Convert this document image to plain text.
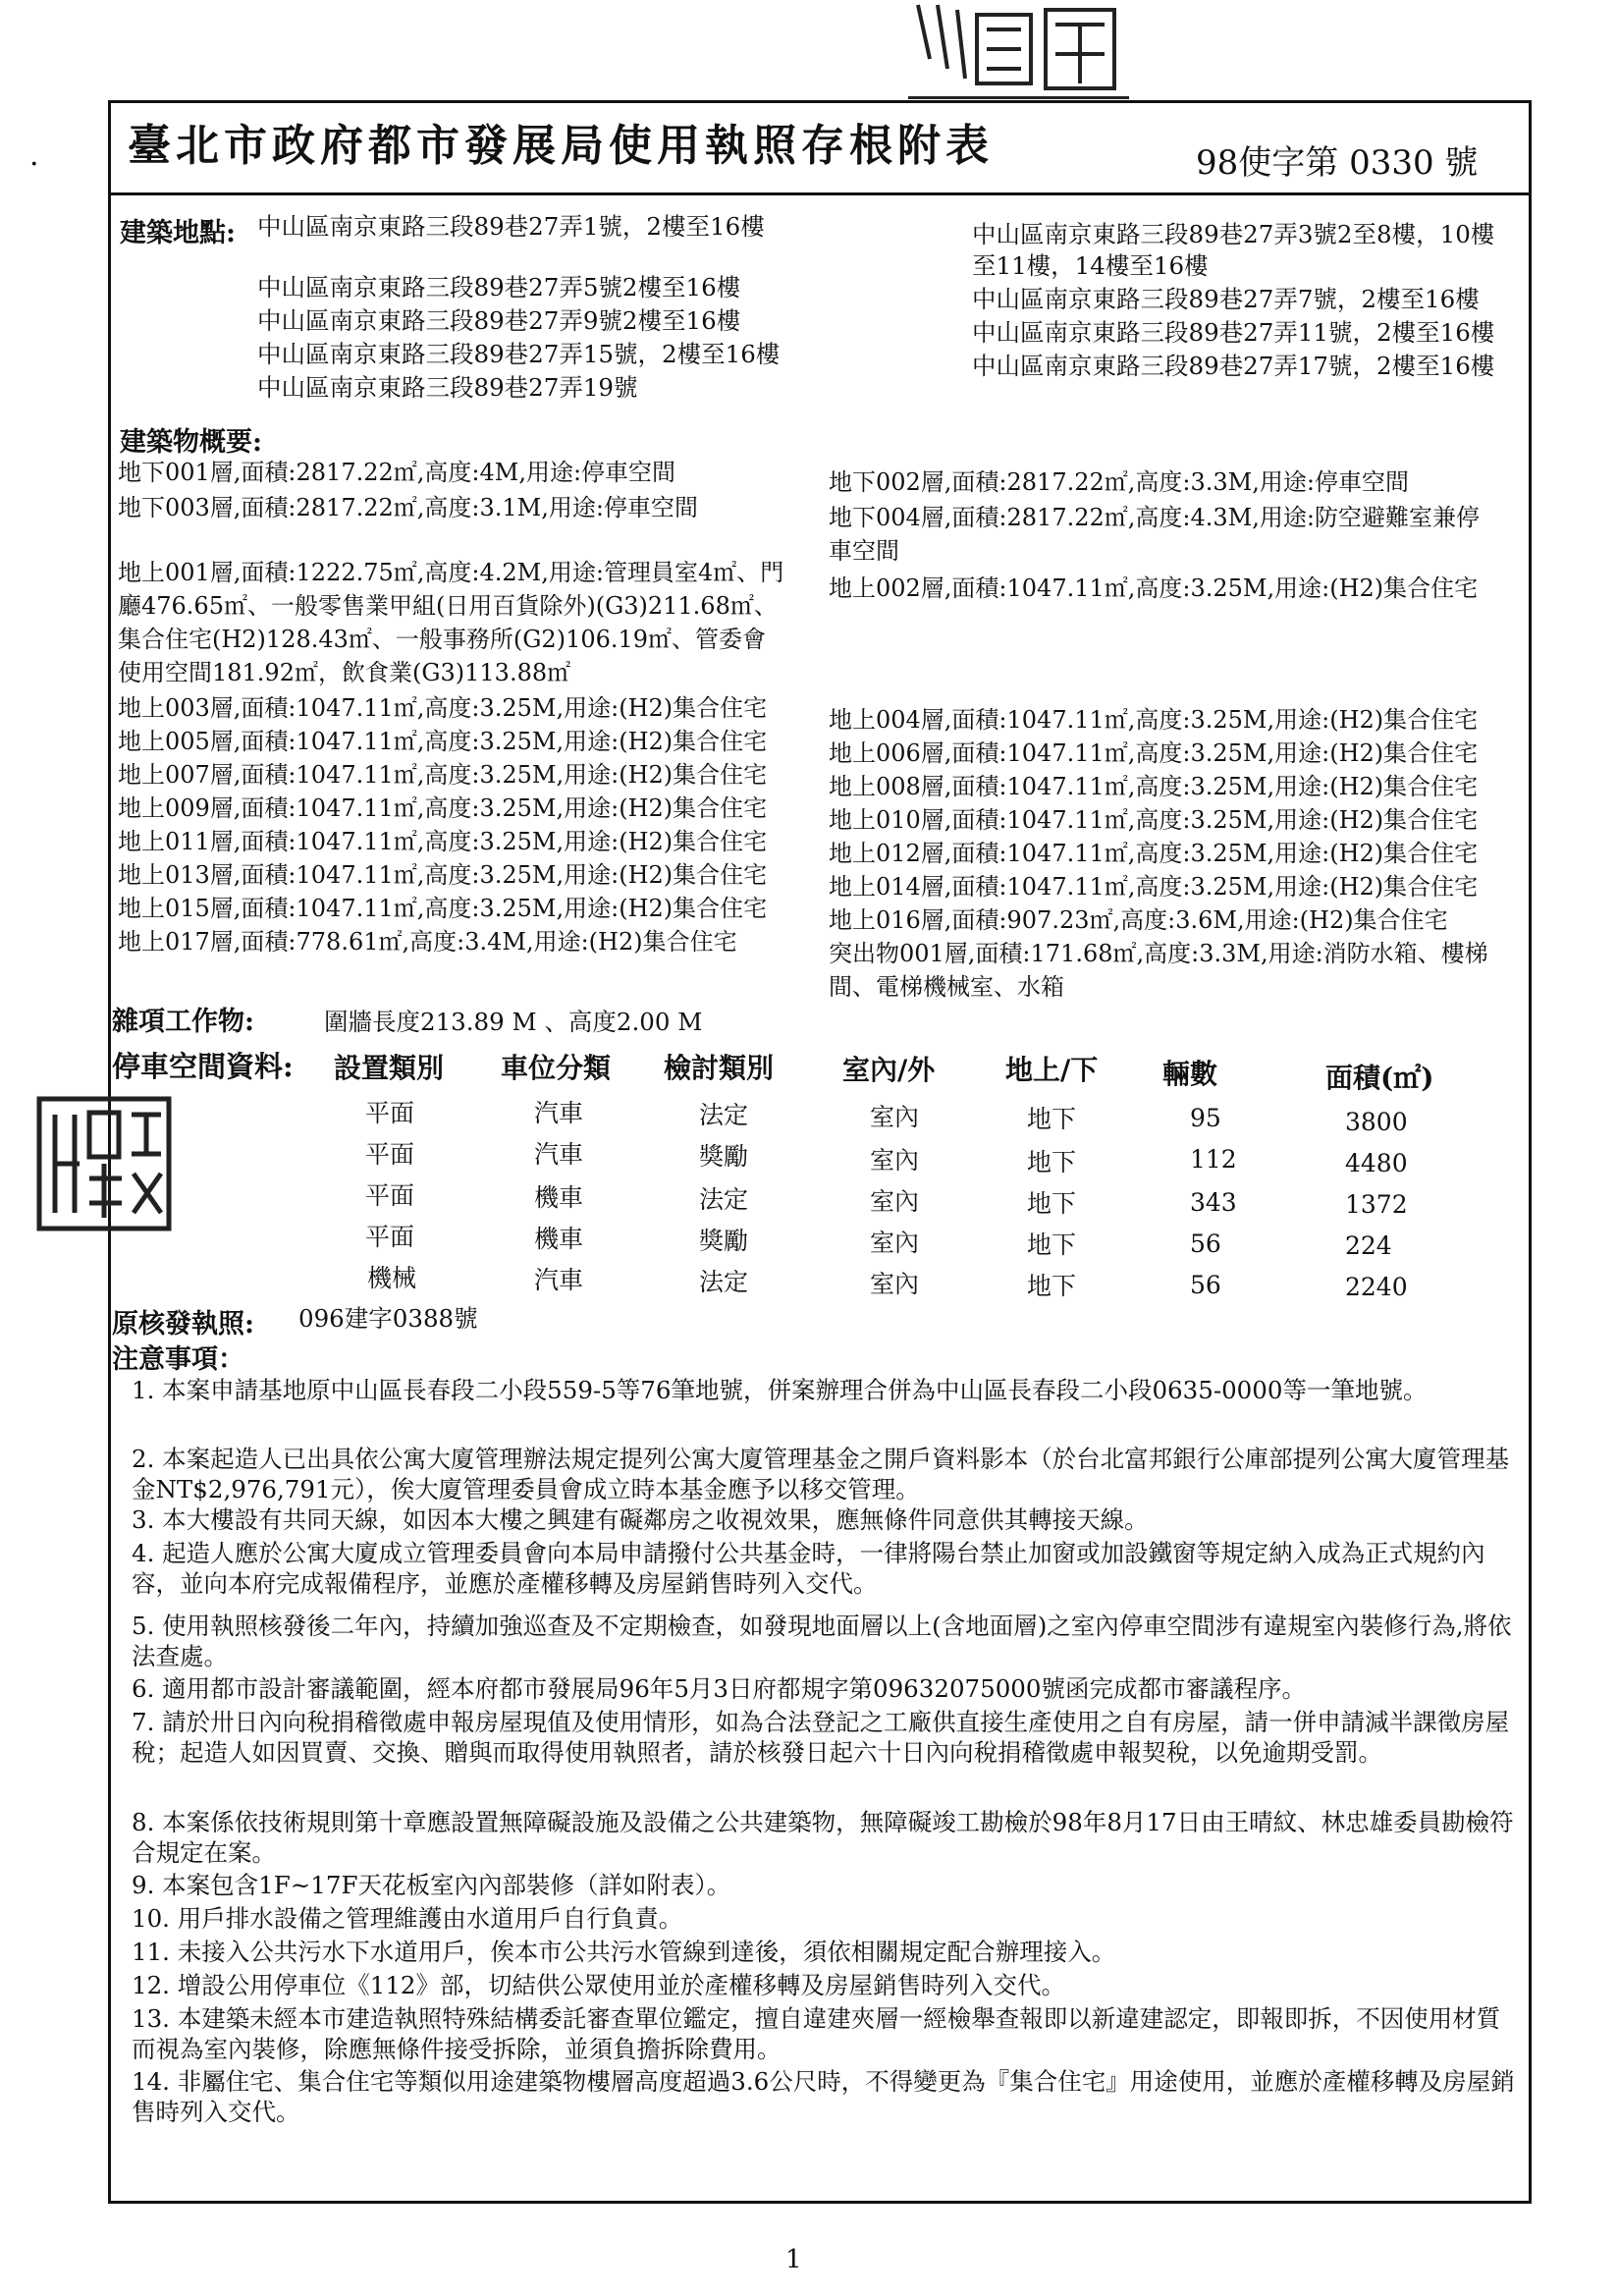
· 臺北市政府都市發展局使用執照存根附表	98使字第 0330 號
建築地點: 中山區南京東路三段89巷27弄1號，2樓至16樓
中山區南京東路三段89巷27弄5號2樓至16樓
中山區南京東路三段89巷27弄9號2樓至16樓
中山區南京東路三段89巷27弄15號，2樓至16樓
中山區南京東路三段89巷27弄19號
中山區南京東路三段89巷27弄3號2至8樓，10樓
至11樓，14樓至16樓
中山區南京東路三段89巷27弄7號，2樓至16樓
中山區南京東路三段89巷27弄11號，2樓至16樓
中山區南京東路三段89巷27弄17號，2樓至16樓
建築物概要:
地下001層,面積:2817.22㎡,高度:4M,用途:停車空間
地下003層,面積:2817.22㎡,高度:3.1M,用途:停車空間
地下002層,面積:2817.22㎡,高度:3.3M,用途:停車空間
地下004層,面積:2817.22㎡,高度:4.3M,用途:防空避難室兼停
車空間
地上001層,面積:1222.75㎡,高度:4.2M,用途:管理員室4㎡、門
廳476.65㎡、一般零售業甲組(日用百貨除外)(G3)211.68㎡、
集合住宅(H2)128.43㎡、一般事務所(G2)106.19㎡、管委會
使用空間181.92㎡，飲食業(G3)113.88㎡
地上002層,面積:1047.11㎡,高度:3.25M,用途:(H2)集合住宅
地上003層,面積:1047.11㎡,高度:3.25M,用途:(H2)集合住宅
地上005層,面積:1047.11㎡,高度:3.25M,用途:(H2)集合住宅
地上007層,面積:1047.11㎡,高度:3.25M,用途:(H2)集合住宅
地上009層,面積:1047.11㎡,高度:3.25M,用途:(H2)集合住宅
地上011層,面積:1047.11㎡,高度:3.25M,用途:(H2)集合住宅
地上013層,面積:1047.11㎡,高度:3.25M,用途:(H2)集合住宅
地上015層,面積:1047.11㎡,高度:3.25M,用途:(H2)集合住宅
地上017層,面積:778.61㎡,高度:3.4M,用途:(H2)集合住宅
地上004層,面積:1047.11㎡,高度:3.25M,用途:(H2)集合住宅
地上006層,面積:1047.11㎡,高度:3.25M,用途:(H2)集合住宅
地上008層,面積:1047.11㎡,高度:3.25M,用途:(H2)集合住宅
地上010層,面積:1047.11㎡,高度:3.25M,用途:(H2)集合住宅
地上012層,面積:1047.11㎡,高度:3.25M,用途:(H2)集合住宅
地上014層,面積:1047.11㎡,高度:3.25M,用途:(H2)集合住宅
地上016層,面積:907.23㎡,高度:3.6M,用途:(H2)集合住宅
突出物001層,面積:171.68㎡,高度:3.3M,用途:消防水箱、樓梯
間、電梯機械室、水箱
雜項工作物:	圍牆長度213.89 M 、高度2.00 M
停車空間資料: 設置類別 車位分類 檢討類別 室內/外	地上/下 輛數	面積(㎡)
平面	汽車	法定	室內	地下	95	3800
平面	汽車	獎勵	室內	地下	112	4480
平面	機車	法定	室內	地下	343	1372
平面	機車	獎勵	室內	地下	56	224
機械	汽車	法定	室內	地下	56	2240
原核發執照: 096建字0388號
注意事項：
1. 本案申請基地原中山區長春段二小段559-5等76筆地號，併案辦理合併為中山區長春段二小段0635-0000等一筆地號。
2. 本案起造人已出具依公寓大廈管理辦法規定提列公寓大廈管理基金之開戶資料影本（於台北富邦銀行公庫部提列公寓大廈管理基金NT$2,976,791元），俟大廈管理委員會成立時本基金應予以移交管理。
3. 本大樓設有共同天線，如因本大樓之興建有礙鄰房之收視效果，應無條件同意供其轉接天線。
4. 起造人應於公寓大廈成立管理委員會向本局申請撥付公共基金時，一律將陽台禁止加窗或加設鐵窗等規定納入成為正式規約內容，並向本府完成報備程序，並應於產權移轉及房屋銷售時列入交代。
5. 使用執照核發後二年內，持續加強巡查及不定期檢查，如發現地面層以上(含地面層)之室內停車空間涉有違規室內裝修行為,將依法查處。
6. 適用都市設計審議範圍，經本府都市發展局96年5月3日府都規字第09632075000號函完成都市審議程序。
7. 請於卅日內向稅捐稽徵處申報房屋現值及使用情形，如為合法登記之工廠供直接生產使用之自有房屋，請一併申請減半課徵房屋稅；起造人如因買賣、交換、贈與而取得使用執照者，請於核發日起六十日內向稅捐稽徵處申報契稅，以免逾期受罰。
8. 本案係依技術規則第十章應設置無障礙設施及設備之公共建築物，無障礙竣工勘檢於98年8月17日由王晴紋、林忠雄委員勘檢符合規定在案。
9. 本案包含1F~17F天花板室內內部裝修（詳如附表）。
10. 用戶排水設備之管理維護由水道用戶自行負責。
11. 未接入公共污水下水道用戶，俟本市公共污水管線到達後，須依相關規定配合辦理接入。
12. 增設公用停車位《112》部，切結供公眾使用並於產權移轉及房屋銷售時列入交代。
13. 本建築未經本市建造執照特殊結構委託審查單位鑑定，擅自違建夾層一經檢舉查報即以新違建認定，即報即拆，不因使用材質而視為室內裝修，除應無條件接受拆除，並須負擔拆除費用。
14. 非屬住宅、集合住宅等類似用途建築物樓層高度超過3.6公尺時，不得變更為『集合住宅』用途使用，並應於產權移轉及房屋銷售時列入交代。
1
